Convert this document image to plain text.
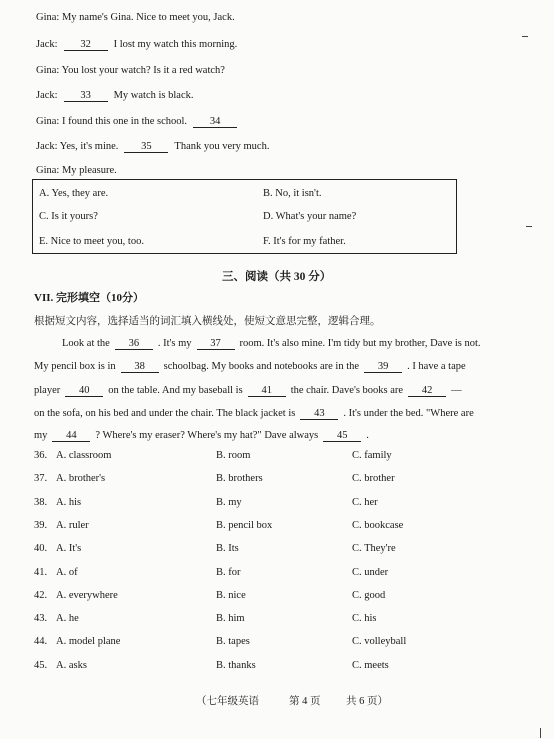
Gina: My name's Gina. Nice to meet you, Jack.
Jack: 32 I lost my watch this morning.
Gina: You lost your watch? Is it a red watch?
Jack: 33 My watch is black.
Gina: I found this one in the school. 34
Jack: Yes, it's mine. 35 Thank you very much.
Gina: My pleasure.
A. Yes, they are.	B. No, it isn't.
C. Is it yours?	D. What's your name?
E. Nice to meet you, too.	F. It's for my father.
三、阅读（共 30 分）
VII. 完形填空（10分）
根据短文内容，选择适当的词汇填入横线处，使短文意思完整，逻辑合理。
Look at the 36 . It's my 37 room. It's also mine. I'm tidy but my brother, Dave is not.
My pencil box is in 38 schoolbag. My books and notebooks are in the 39 . I have a tape
player 40 on the table. And my baseball is 41 the chair. Dave's books are 42 —
on the sofa, on his bed and under the chair. The black jacket is 43 . It's under the bed. "Where are
my 44 ? Where's my eraser? Where's my hat?" Dave always 45 .
36. A. classroom	B. room	C. family
37. A. brother's	B. brothers	C. brother
38. A. his	B. my	C. her
39. A. ruler	B. pencil box	C. bookcase
40. A. It's	B. Its	C. They're
41. A. of	B. for	C. under
42. A. everywhere	B. nice	C. good
43. A. he	B. him	C. his
44. A. model plane	B. tapes	C. volleyball
45. A. asks	B. thanks	C. meets
（七年级英语	第 4 页 共 6 页）
